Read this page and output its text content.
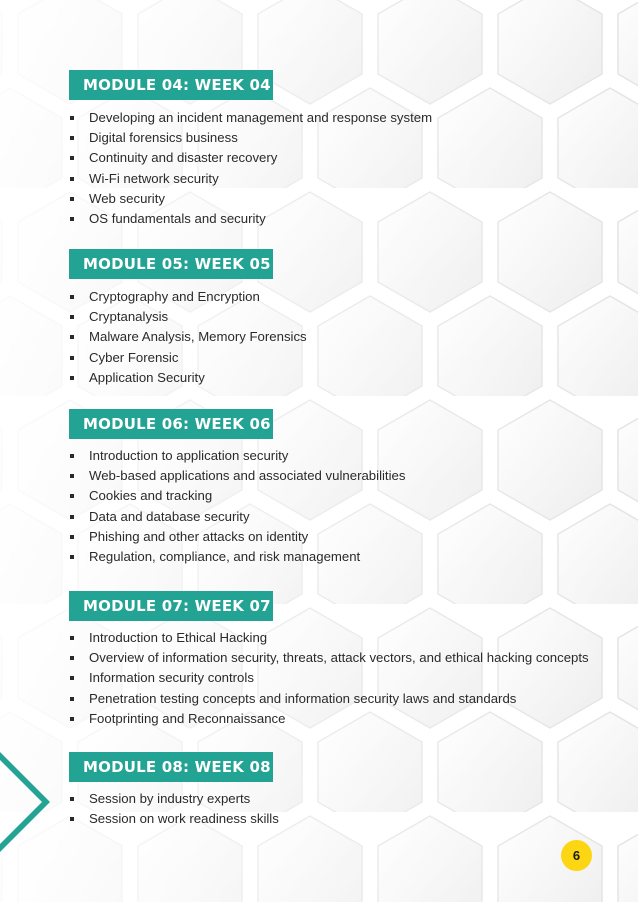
MODULE 04: WEEK 04
Developing an incident management and response system
Digital forensics business
Continuity and disaster recovery
Wi-Fi network security
Web security
OS fundamentals and security
MODULE 05: WEEK 05
Cryptography and Encryption
Cryptanalysis
Malware Analysis, Memory Forensics
Cyber Forensic
Application Security
MODULE 06: WEEK 06
Introduction to application security
Web-based applications and associated vulnerabilities
Cookies and tracking
Data and database security
Phishing and other attacks on identity
Regulation, compliance, and risk management
MODULE 07: WEEK 07
Introduction to Ethical Hacking
Overview of information security, threats, attack vectors, and ethical hacking concepts
Information security controls
Penetration testing concepts and information security laws and standards
Footprinting and Reconnaissance
MODULE 08: WEEK 08
Session by industry experts
Session on work readiness skills
6
